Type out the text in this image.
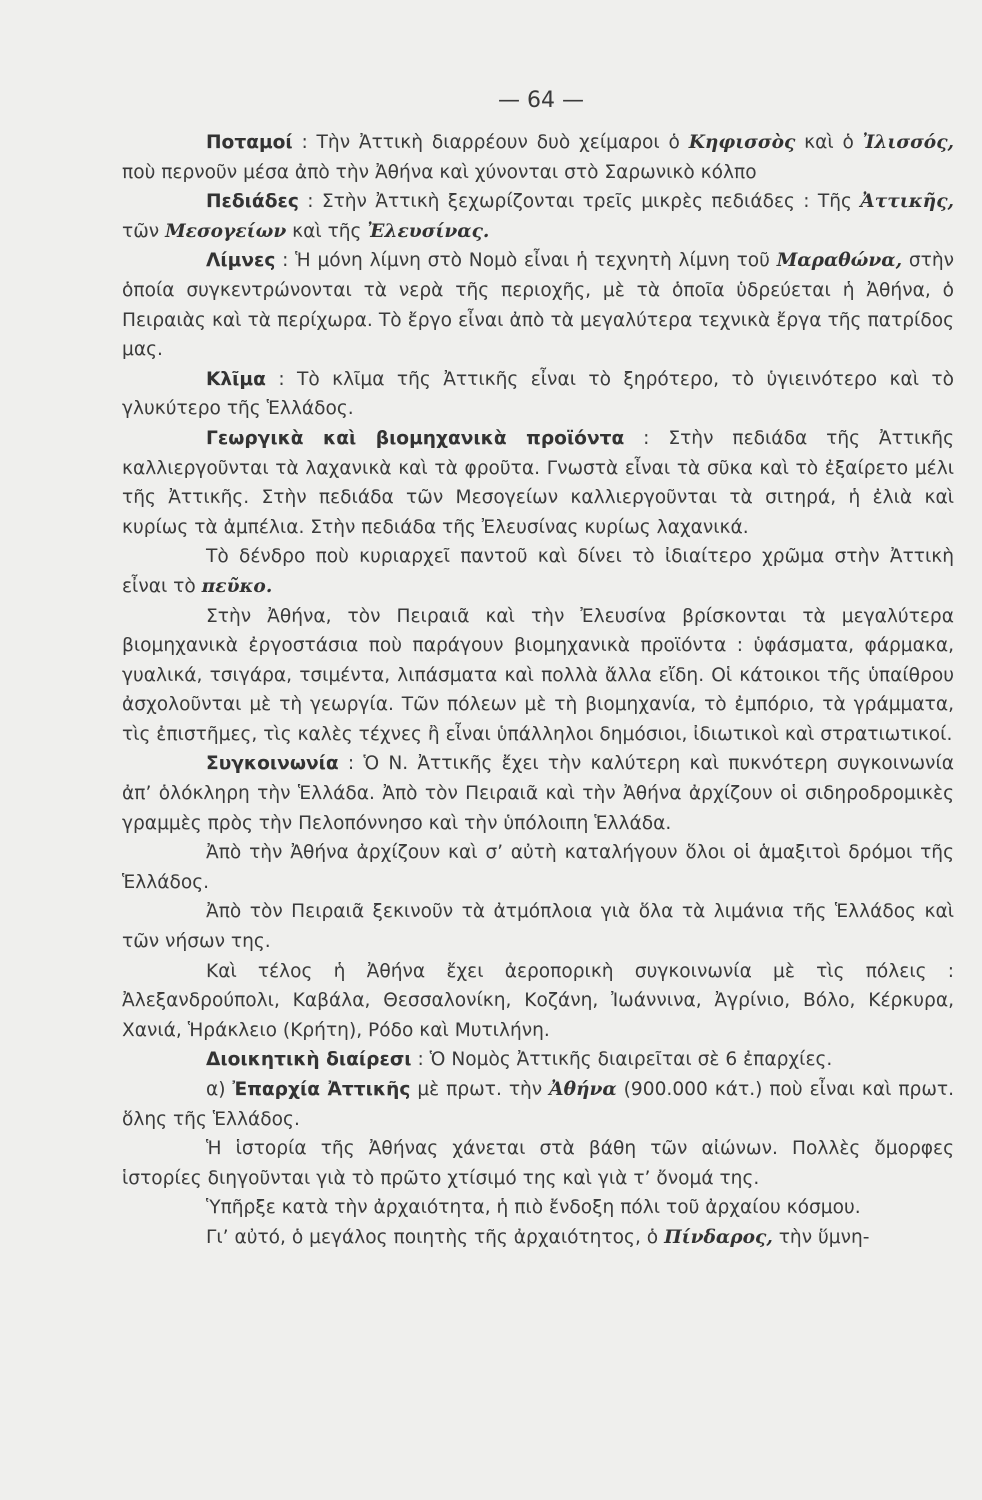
— 64 —

Ποταμοί : Τὴν Ἀττικὴ διαρρέουν δυὸ χείμαροι ὁ Κηφισσὸς καὶ ὁ Ἰλισσός, ποὺ περνοῦν μέσα ἀπὸ τὴν Ἀθήνα καὶ χύνονται στὸ Σαρωνικὸ κόλπο

Πεδιάδες : Στὴν Ἀττικὴ ξεχωρίζονται τρεῖς μικρὲς πεδιάδες : Τῆς Ἀττικῆς, τῶν Μεσογείων καὶ τῆς Ἐλευσίνας.

Λίμνες : Ἡ μόνη λίμνη στὸ Νομὸ εἶναι ἡ τεχνητὴ λίμνη τοῦ Μαραθώνα, στὴν ὁποία συγκεντρώνονται τὰ νερὰ τῆς περιοχῆς, μὲ τὰ ὁποῖα ὑδρεύεται ἡ Ἀθήνα, ὁ Πειραιὰς καὶ τὰ περίχωρα. Τὸ ἔργο εἶναι ἀπὸ τὰ μεγαλύτερα τεχνικὰ ἔργα τῆς πατρίδος μας.

Κλῖμα : Τὸ κλῖμα τῆς Ἀττικῆς εἶναι τὸ ξηρότερο, τὸ ὑγιεινότερο καὶ τὸ γλυκύτερο τῆς Ἑλλάδος.

Γεωργικὰ καὶ βιομηχανικὰ προϊόντα : Στὴν πεδιάδα τῆς Ἀττικῆς καλλιεργοῦνται τὰ λαχανικὰ καὶ τὰ φροῦτα. Γνωστὰ εἶναι τὰ σῦκα καὶ τὸ ἐξαίρετο μέλι τῆς Ἀττικῆς. Στὴν πεδιάδα τῶν Μεσογείων καλλιεργοῦνται τὰ σιτηρά, ἡ ἐλιὰ καὶ κυρίως τὰ ἀμπέλια. Στὴν πεδιάδα τῆς Ἐλευσίνας κυρίως λαχανικά.

Τὸ δένδρο ποὺ κυριαρχεῖ παντοῦ καὶ δίνει τὸ ἰδιαίτερο χρῶμα στὴν Ἀττικὴ εἶναι τὸ πεῦκο.

Στὴν Ἀθήνα, τὸν Πειραιᾶ καὶ τὴν Ἐλευσίνα βρίσκονται τὰ μεγαλύτερα βιομηχανικὰ ἐργοστάσια ποὺ παράγουν βιομηχανικὰ προϊόντα : ὑφάσματα, φάρμακα, γυαλικά, τσιγάρα, τσιμέντα, λιπάσματα καὶ πολλὰ ἄλλα εἴδη. Οἱ κάτοικοι τῆς ὑπαίθρου ἀσχολοῦνται μὲ τὴ γεωργία. Τῶν πόλεων μὲ τὴ βιομηχανία, τὸ ἐμπόριο, τὰ γράμματα, τὶς ἐπιστῆμες, τὶς καλὲς τέχνες ἢ εἶναι ὑπάλληλοι δημόσιοι, ἰδιωτικοὶ καὶ στρατιωτικοί.

Συγκοινωνία : Ὁ Ν. Ἀττικῆς ἔχει τὴν καλύτερη καὶ πυκνότερη συγκοινωνία ἀπ’ ὁλόκληρη τὴν Ἑλλάδα. Ἀπὸ τὸν Πειραιᾶ καὶ τὴν Ἀθήνα ἀρχίζουν οἱ σιδηροδρομικὲς γραμμὲς πρὸς τὴν Πελοπόννησο καὶ τὴν ὑπόλοιπη Ἑλλάδα.

Ἀπὸ τὴν Ἀθήνα ἀρχίζουν καὶ σ’ αὐτὴ καταλήγουν ὅλοι οἱ ἁμαξιτοὶ δρόμοι τῆς Ἑλλάδος.

Ἀπὸ τὸν Πειραιᾶ ξεκινοῦν τὰ ἀτμόπλοια γιὰ ὅλα τὰ λιμάνια τῆς Ἑλλάδος καὶ τῶν νήσων της.

Καὶ τέλος ἡ Ἀθήνα ἔχει ἀεροπορικὴ συγκοινωνία μὲ τὶς πόλεις : Ἀλεξανδρούπολι, Καβάλα, Θεσσαλονίκη, Κοζάνη, Ἰωάννινα, Ἀγρίνιο, Βόλο, Κέρκυρα, Χανιά, Ἡράκλειο (Κρήτη), Ρόδο καὶ Μυτιλήνη.

Διοικητικὴ διαίρεσι : Ὁ Νομὸς Ἀττικῆς διαιρεῖται σὲ 6 ἐπαρχίες.

α) Ἐπαρχία Ἀττικῆς μὲ πρωτ. τὴν Ἀθήνα (900.000 κάτ.) ποὺ εἶναι καὶ πρωτ. ὅλης τῆς Ἑλλάδος.

Ἡ ἱστορία τῆς Ἀθήνας χάνεται στὰ βάθη τῶν αἰώνων. Πολλὲς ὄμορφες ἱστορίες διηγοῦνται γιὰ τὸ πρῶτο χτίσιμό της καὶ γιὰ τ’ ὄνομά της.

Ὑπῆρξε κατὰ τὴν ἀρχαιότητα, ἡ πιὸ ἔνδοξη πόλι τοῦ ἀρχαίου κόσμου.

Γι’ αὐτό, ὁ μεγάλος ποιητὴς τῆς ἀρχαιότητος, ὁ Πίνδαρος, τὴν ὕμνη-
